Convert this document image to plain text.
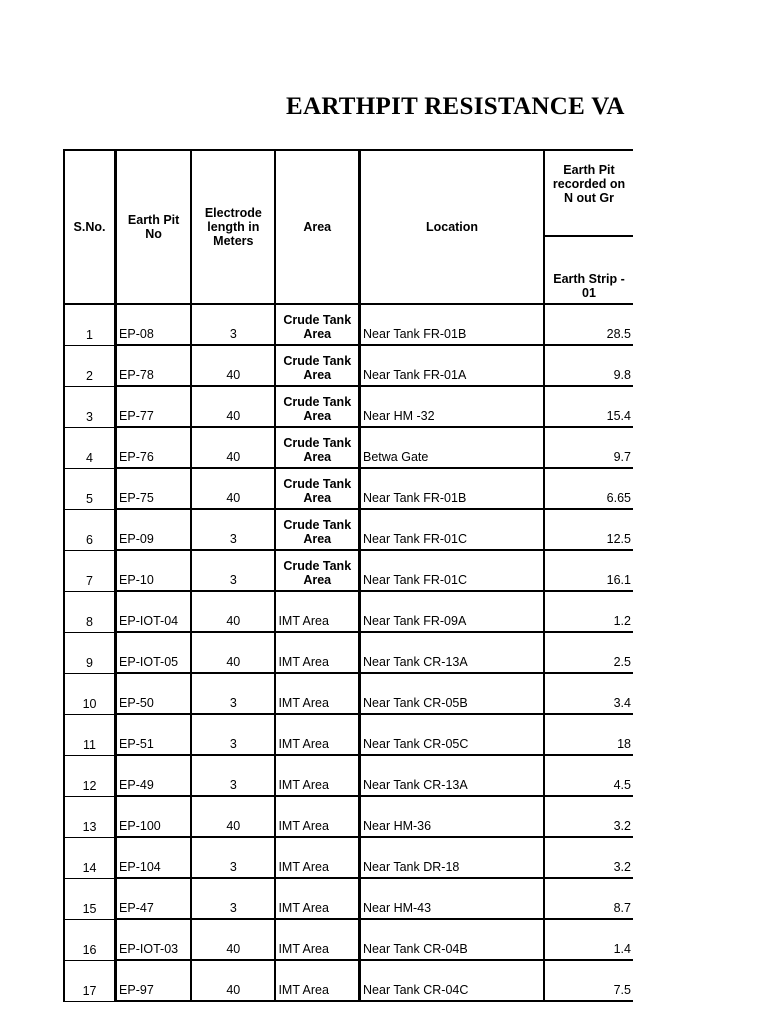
EARTHPIT RESISTANCE VA
S.No.	Earth Pit No	Electrode length in Meters	Area	Location	Earth Pit recorded on N out Gr
					Earth Strip - 01
1	EP-08	3	Crude Tank Area	Near Tank FR-01B	28.5
2	EP-78	40	Crude Tank Area	Near Tank FR-01A	9.8
3	EP-77	40	Crude Tank Area	Near HM -32	15.4
4	EP-76	40	Crude Tank Area	Betwa Gate	9.7
5	EP-75	40	Crude Tank Area	Near Tank FR-01B	6.65
6	EP-09	3	Crude Tank Area	Near Tank FR-01C	12.5
7	EP-10	3	Crude Tank Area	Near Tank FR-01C	16.1
8	EP-IOT-04	40	IMT Area	Near Tank FR-09A	1.2
9	EP-IOT-05	40	IMT Area	Near Tank CR-13A	2.5
10	EP-50	3	IMT Area	Near Tank CR-05B	3.4
11	EP-51	3	IMT Area	Near Tank CR-05C	18
12	EP-49	3	IMT Area	Near Tank CR-13A	4.5
13	EP-100	40	IMT Area	Near HM-36	3.2
14	EP-104	3	IMT Area	Near Tank DR-18	3.2
15	EP-47	3	IMT Area	Near HM-43	8.7
16	EP-IOT-03	40	IMT Area	Near Tank CR-04B	1.4
17	EP-97	40	IMT Area	Near Tank CR-04C	7.5
